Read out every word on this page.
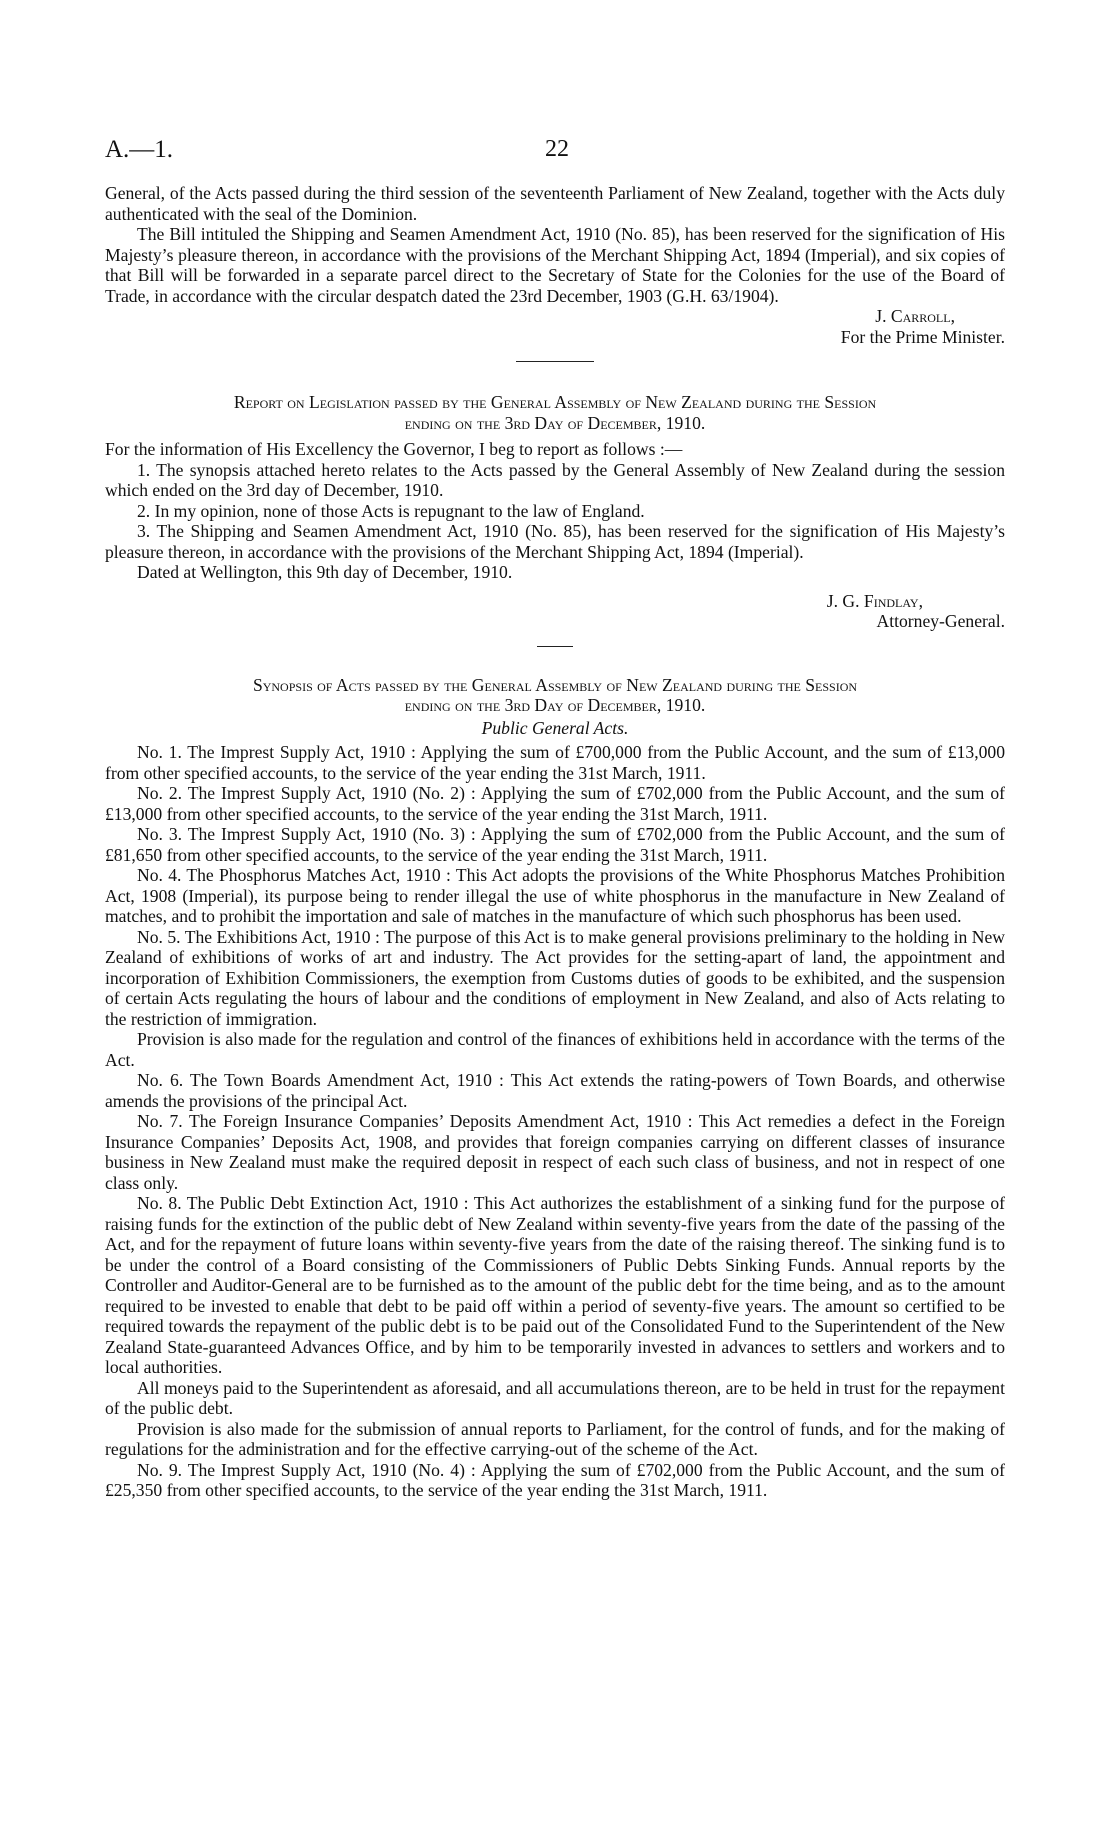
A.—1.	22

General, of the Acts passed during the third session of the seventeenth Parliament of New Zealand, together with the Acts duly authenticated with the seal of the Dominion.

The Bill intituled the Shipping and Seamen Amendment Act, 1910 (No. 85), has been reserved for the signification of His Majesty’s pleasure thereon, in accordance with the provisions of the Merchant Shipping Act, 1894 (Imperial), and six copies of that Bill will be forwarded in a separate parcel direct to the Secretary of State for the Colonies for the use of the Board of Trade, in accordance with the circular despatch dated the 23rd December, 1903 (G.H. 63/1904).

J. Carroll,

For the Prime Minister.

Report on Legislation passed by the General Assembly of New Zealand during the Session

ending on the 3rd Day of December, 1910.

For the information of His Excellency the Governor, I beg to report as follows :—

1. The synopsis attached hereto relates to the Acts passed by the General Assembly of New Zealand during the session which ended on the 3rd day of December, 1910.

2. In my opinion, none of those Acts is repugnant to the law of England.

3. The Shipping and Seamen Amendment Act, 1910 (No. 85), has been reserved for the signification of His Majesty’s pleasure thereon, in accordance with the provisions of the Merchant Shipping Act, 1894 (Imperial).

Dated at Wellington, this 9th day of December, 1910.

J. G. Findlay,

Attorney-General.

Synopsis of Acts passed by the General Assembly of New Zealand during the Session

ending on the 3rd Day of December, 1910.

Public General Acts.

No. 1. The Imprest Supply Act, 1910 : Applying the sum of £700,000 from the Public Account, and the sum of £13,000 from other specified accounts, to the service of the year ending the 31st March, 1911.

No. 2. The Imprest Supply Act, 1910 (No. 2) : Applying the sum of £702,000 from the Public Account, and the sum of £13,000 from other specified accounts, to the service of the year ending the 31st March, 1911.

No. 3. The Imprest Supply Act, 1910 (No. 3) : Applying the sum of £702,000 from the Public Account, and the sum of £81,650 from other specified accounts, to the service of the year ending the 31st March, 1911.

No. 4. The Phosphorus Matches Act, 1910 : This Act adopts the provisions of the White Phosphorus Matches Prohibition Act, 1908 (Imperial), its purpose being to render illegal the use of white phosphorus in the manufacture in New Zealand of matches, and to prohibit the importation and sale of matches in the manufacture of which such phosphorus has been used.

No. 5. The Exhibitions Act, 1910 : The purpose of this Act is to make general provisions preliminary to the holding in New Zealand of exhibitions of works of art and industry. The Act provides for the setting-apart of land, the appointment and incorporation of Exhibition Commissioners, the exemption from Customs duties of goods to be exhibited, and the suspension of certain Acts regulating the hours of labour and the conditions of employment in New Zealand, and also of Acts relating to the restriction of immigration.

Provision is also made for the regulation and control of the finances of exhibitions held in accordance with the terms of the Act.

No. 6. The Town Boards Amendment Act, 1910 : This Act extends the rating-powers of Town Boards, and otherwise amends the provisions of the principal Act.

No. 7. The Foreign Insurance Companies’ Deposits Amendment Act, 1910 : This Act remedies a defect in the Foreign Insurance Companies’ Deposits Act, 1908, and provides that foreign companies carrying on different classes of insurance business in New Zealand must make the required deposit in respect of each such class of business, and not in respect of one class only.

No. 8. The Public Debt Extinction Act, 1910 : This Act authorizes the establishment of a sinking fund for the purpose of raising funds for the extinction of the public debt of New Zealand within seventy-five years from the date of the passing of the Act, and for the repayment of future loans within seventy-five years from the date of the raising thereof. The sinking fund is to be under the control of a Board consisting of the Commissioners of Public Debts Sinking Funds. Annual reports by the Controller and Auditor-General are to be furnished as to the amount of the public debt for the time being, and as to the amount required to be invested to enable that debt to be paid off within a period of seventy-five years. The amount so certified to be required towards the repayment of the public debt is to be paid out of the Consolidated Fund to the Superintendent of the New Zealand State-guaranteed Advances Office, and by him to be temporarily invested in advances to settlers and workers and to local authorities.

All moneys paid to the Superintendent as aforesaid, and all accumulations thereon, are to be held in trust for the repayment of the public debt.

Provision is also made for the submission of annual reports to Parliament, for the control of funds, and for the making of regulations for the administration and for the effective carrying-out of the scheme of the Act.

No. 9. The Imprest Supply Act, 1910 (No. 4) : Applying the sum of £702,000 from the Public Account, and the sum of £25,350 from other specified accounts, to the service of the year ending the 31st March, 1911.
